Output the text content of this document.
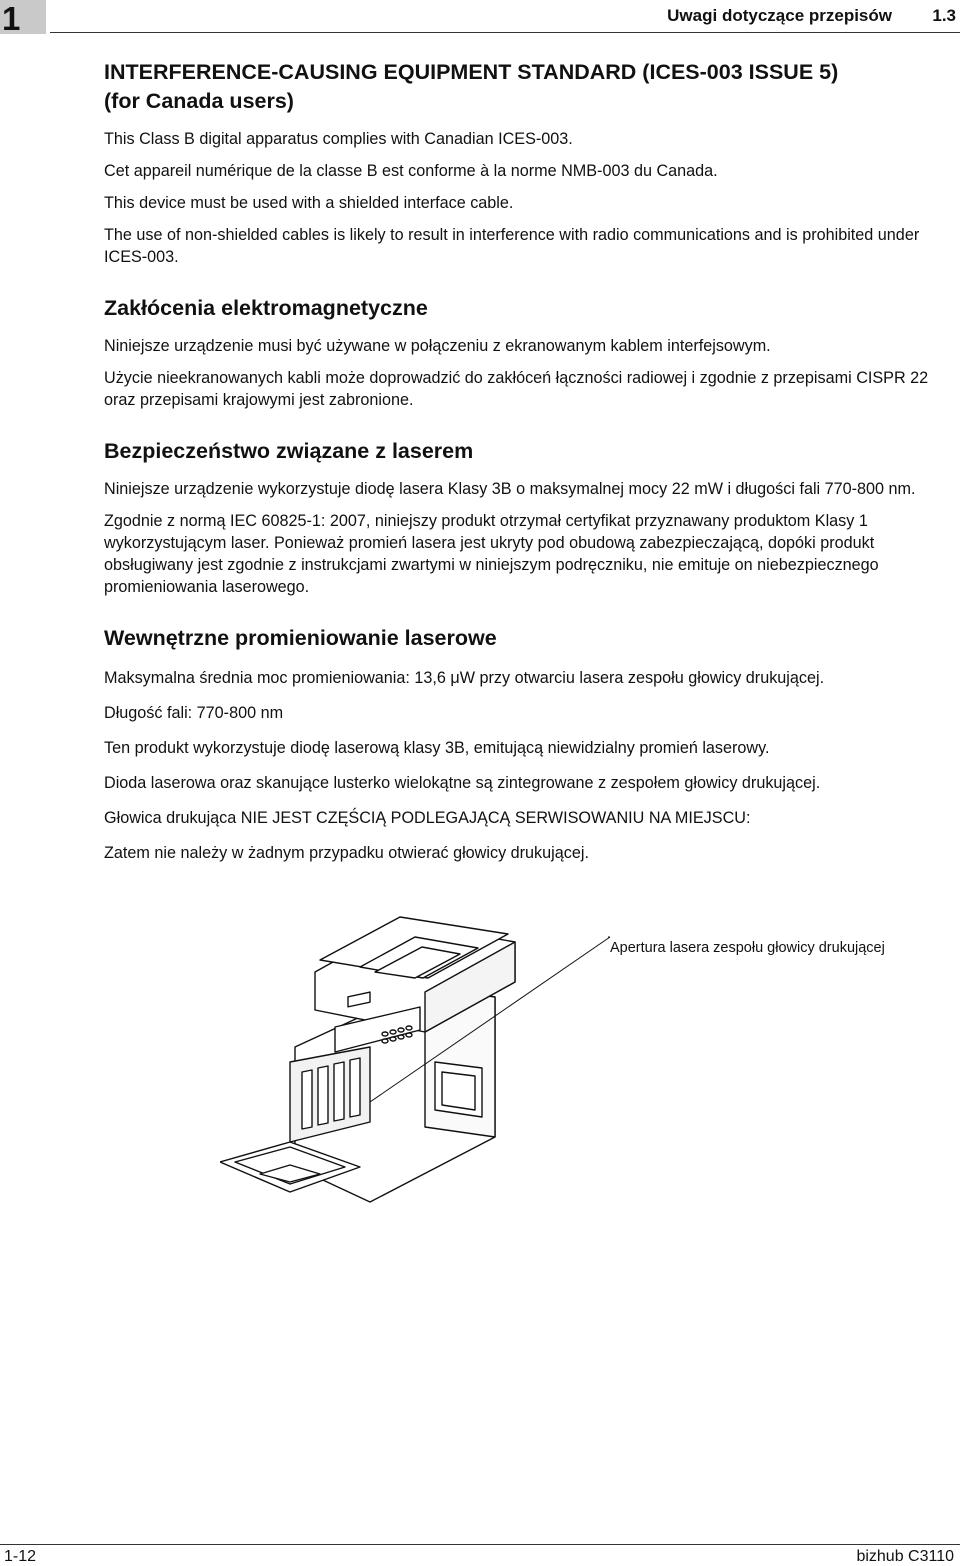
1	Uwagi dotyczące przepisów 1.3
INTERFERENCE-CAUSING EQUIPMENT STANDARD (ICES-003 ISSUE 5)
(for Canada users)

This Class B digital apparatus complies with Canadian ICES-003.

Cet appareil numérique de la classe B est conforme à la norme NMB-003 du Canada.

This device must be used with a shielded interface cable.

The use of non-shielded cables is likely to result in interference with radio communications and is prohibited under ICES-003.

Zakłócenia elektromagnetyczne

Niniejsze urządzenie musi być używane w połączeniu z ekranowanym kablem interfejsowym.

Użycie nieekranowanych kabli może doprowadzić do zakłóceń łączności radiowej i zgodnie z przepisami CISPR 22 oraz przepisami krajowymi jest zabronione.

Bezpieczeństwo związane z laserem

Niniejsze urządzenie wykorzystuje diodę lasera Klasy 3B o maksymalnej mocy 22 mW i długości fali 770-800 nm.

Zgodnie z normą IEC 60825-1: 2007, niniejszy produkt otrzymał certyfikat przyznawany produktom Klasy 1 wykorzystującym laser. Ponieważ promień lasera jest ukryty pod obudową zabezpieczającą, dopóki produkt obsługiwany jest zgodnie z instrukcjami zwartymi w niniejszym podręczniku, nie emituje on niebezpiecznego promieniowania laserowego.

Wewnętrzne promieniowanie laserowe

Maksymalna średnia moc promieniowania: 13,6 μW przy otwarciu lasera zespołu głowicy drukującej.

Długość fali: 770-800 nm

Ten produkt wykorzystuje diodę laserową klasy 3B, emitującą niewidzialny promień laserowy.

Dioda laserowa oraz skanujące lusterko wielokątne są zintegrowane z zespołem głowicy drukującej.

Głowica drukująca NIE JEST CZĘŚCIĄ PODLEGAJĄCĄ SERWISOWANIU NA MIEJSCU:

Zatem nie należy w żadnym przypadku otwierać głowicy drukującej.

Apertura lasera zespołu głowicy drukującej
1-12	bizhub C3110
